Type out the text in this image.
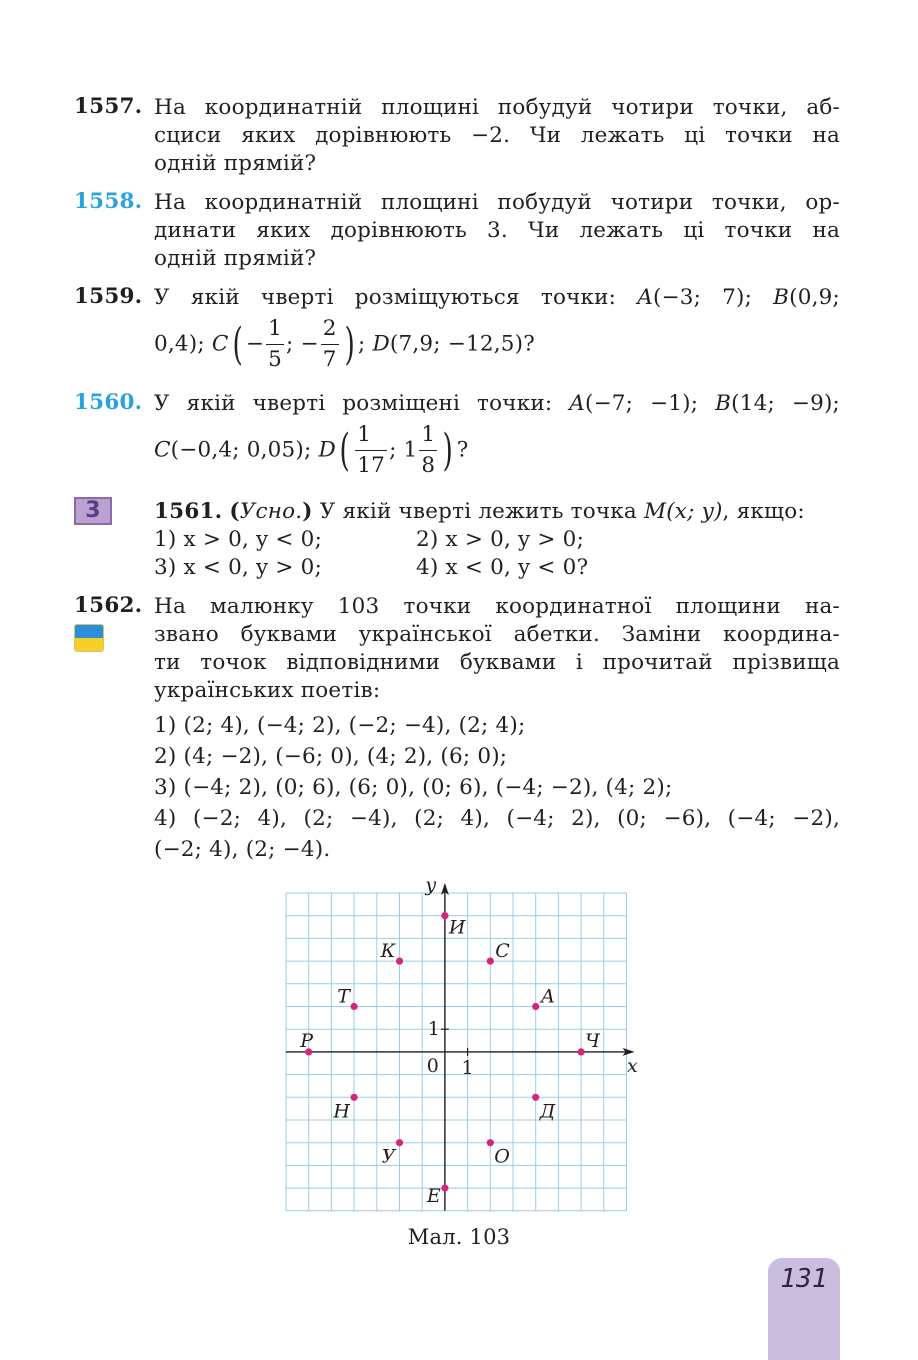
1557. На координатній площині побудуй чотири точки, аб-
сциси яких дорівнюють −2. Чи лежать ці точки на
одній прямій?
1558. На координатній площині побудуй чотири точки, ор-
динати яких дорівнюють 3. Чи лежать ці точки на
одній прямій?
1559. У якій чверті розміщуються точки: A(−3; 7); B(0,9;
0,4); $C( - \frac{1}{5}$ ; − $\frac{2}{7}$ ) ; D(7,9; −12,5)?
1560. У якій чверті розміщені точки: A(−7; −1); B(14; −9);
C(−0,4; 0,05); $D( \frac{1}{17}$ ; $1 \frac{1}{8}$ ) ?
3	1561. (Усно.) У якій чверті лежить точка M(x; y), якщо:
1) x > 0, y < 0;	2) x > 0, y > 0;
3) x < 0, y > 0;	4) x < 0, y < 0?
1562. На малюнку 103 точки координатної площини на-
звано буквами української абетки. Заміни координа-
ти точок відповідними буквами і прочитай прізвища
українських поетів:
1) (2; 4), (−4; 2), (−2; −4), (2; 4);
2) (4; −2), (−6; 0), (4; 2), (6; 0);
3) (−4; 2), (0; 6), (6; 0), (0; 6), (−4; −2), (4; 2);
4) (−2; 4), (2; −4), (2; 4), (−4; 2), (0; −6), (−4; −2),
(−2; 4), (2; −4).
x
y
0 1
1
И
К	С
Т	А
Р	Ч
Н	Д
У	О
Е
Мал. 103
131
